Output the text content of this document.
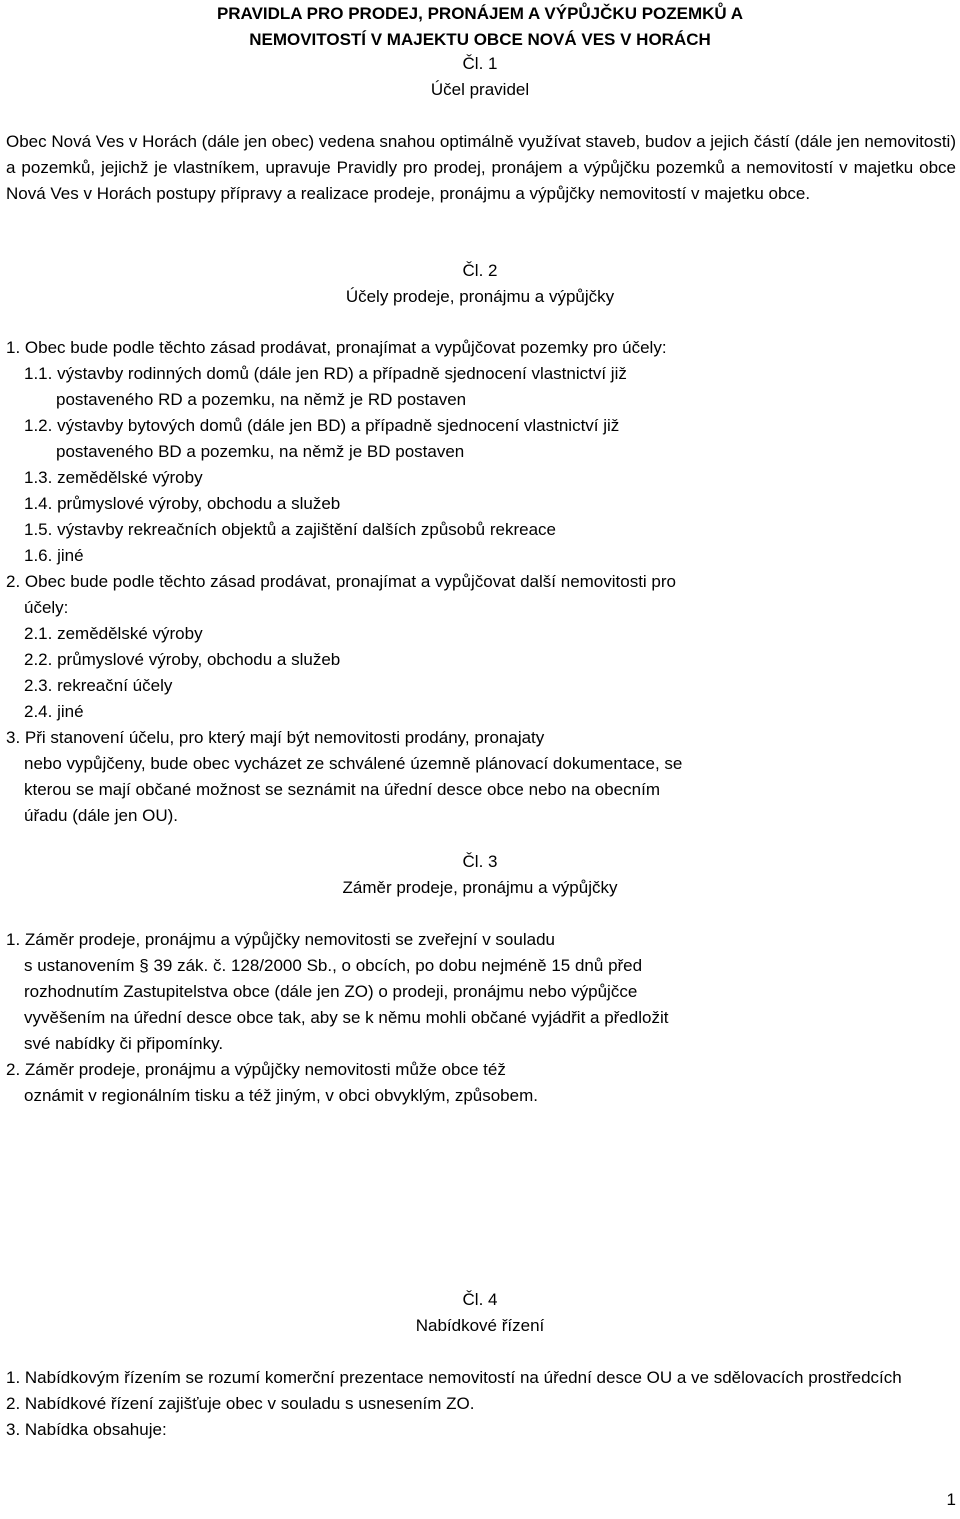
PRAVIDLA PRO PRODEJ, PRONÁJEM A VÝPŮJČKU POZEMKŮ A
NEMOVITOSTÍ V MAJEKTU OBCE NOVÁ VES V HORÁCH
Čl. 1
Účel pravidel
Obec Nová Ves v Horách (dále jen obec) vedena snahou optimálně využívat staveb, budov a jejich částí (dále jen nemovitosti) a pozemků, jejichž je vlastníkem, upravuje Pravidly pro prodej, pronájem a výpůjčku pozemků a nemovitostí v majetku obce Nová Ves v Horách postupy přípravy a realizace prodeje, pronájmu a výpůjčky nemovitostí v majetku obce.
Čl. 2
Účely prodeje, pronájmu a výpůjčky
1. Obec bude podle těchto zásad prodávat, pronajímat a vypůjčovat pozemky pro účely:
1.1. výstavby rodinných domů (dále jen RD) a případně sjednocení vlastnictví již
postaveného RD a pozemku, na němž je RD postaven
1.2. výstavby bytových domů (dále jen BD) a případně sjednocení vlastnictví již
postaveného BD a pozemku, na němž je BD postaven
1.3. zemědělské výroby
1.4. průmyslové výroby, obchodu a služeb
1.5. výstavby rekreačních objektů a zajištění dalších způsobů rekreace
1.6. jiné
2. Obec bude podle těchto zásad prodávat, pronajímat a vypůjčovat další nemovitosti pro
účely:
2.1. zemědělské výroby
2.2. průmyslové výroby, obchodu a služeb
2.3. rekreační účely
2.4. jiné
3. Při stanovení účelu, pro který mají být nemovitosti prodány, pronajaty
nebo vypůjčeny, bude obec vycházet ze schválené územně plánovací dokumentace, se
kterou se mají občané možnost se seznámit na úřední desce obce nebo na obecním
úřadu (dále jen OU).
Čl. 3
Záměr prodeje, pronájmu a výpůjčky
1. Záměr prodeje, pronájmu a výpůjčky nemovitosti se zveřejní v souladu
s ustanovením § 39 zák. č. 128/2000 Sb., o obcích, po dobu nejméně 15 dnů před
rozhodnutím Zastupitelstva obce (dále jen ZO) o prodeji, pronájmu nebo výpůjčce
vyvěšením na úřední desce obce tak, aby se k němu mohli občané vyjádřit a předložit
své nabídky či připomínky.
2. Záměr prodeje, pronájmu a výpůjčky nemovitosti může obce též
oznámit v regionálním tisku a též jiným, v obci obvyklým, způsobem.
Čl. 4
Nabídkové řízení
1. Nabídkovým řízením se rozumí komerční prezentace nemovitostí na úřední desce OU a ve sdělovacích prostředcích
2. Nabídkové řízení zajišťuje obec v souladu s usnesením ZO.
3. Nabídka obsahuje:
1
